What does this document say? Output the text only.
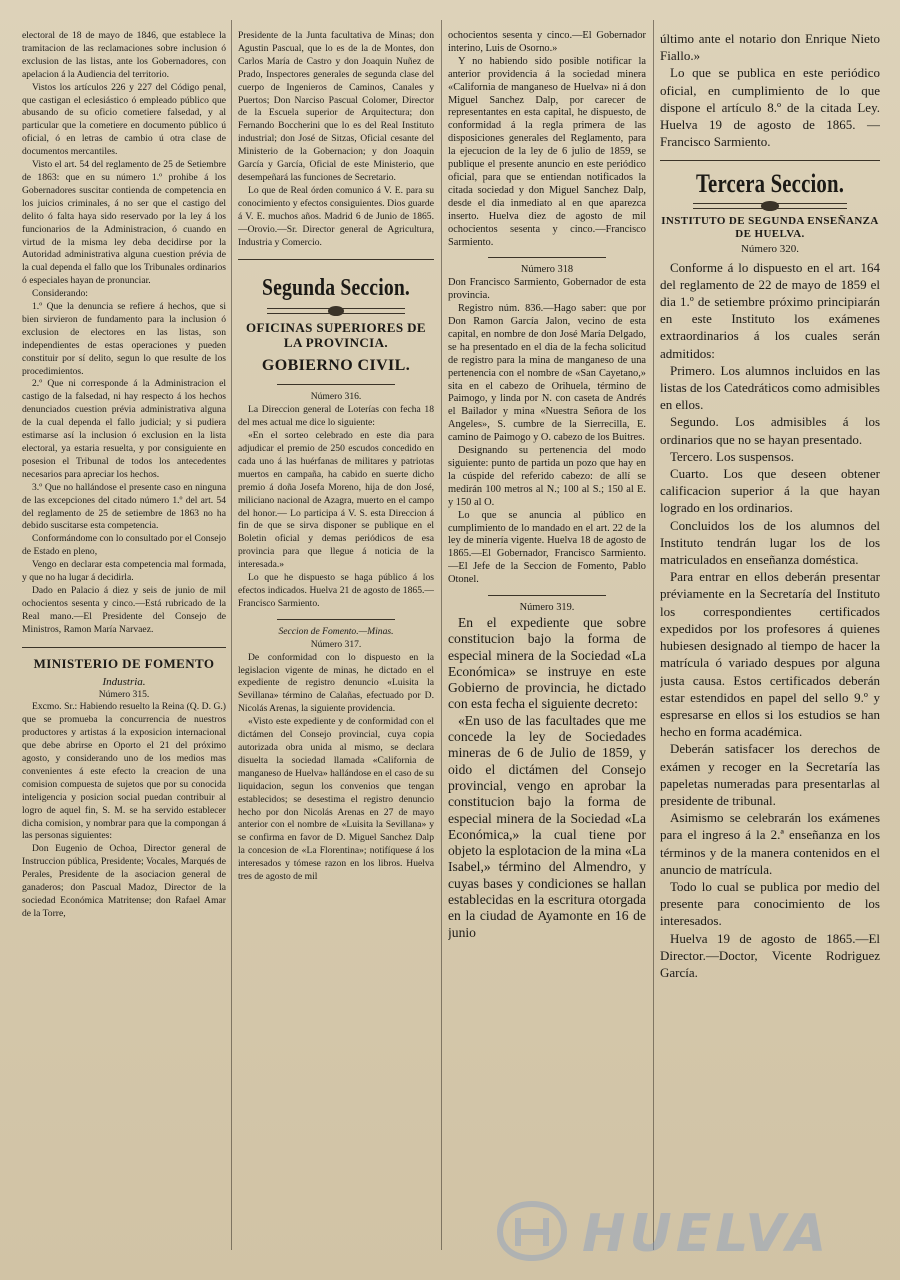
electoral de 18 de mayo de 1846, que establece la tramitacion de las reclamaciones sobre inclusion ó exclusion de las listas, ante los Gobernadores, con apelacion á la Audiencia del territorio.

Vistos los artículos 226 y 227 del Código penal, que castigan el eclesiástico ó empleado público que abusando de su oficio cometiere falsedad, y al particular que la cometiere en documento público ú oficial, ó en letras de cambio ú otra clase de documentos mercantiles.

Visto el art. 54 del reglamento de 25 de Setiembre de 1863: que en su número 1.º prohibe á los Gobernadores suscitar contienda de competencia en los juicios criminales, á no ser que el castigo del delito ó falta haya sido reservado por la ley á los funcionarios de la Administracion, ó cuando en virtud de la misma ley deba decidirse por la Autoridad administrativa alguna cuestion prévia de la cual dependa el fallo que los Tribunales ordinarios ó especiales hayan de pronunciar.

Considerando:

1.º Que la denuncia se refiere á hechos, que si bien sirvieron de fundamento para la inclusion ó exclusion de electores en las listas, son independientes de estas operaciones y pueden constituir por sí delito, segun lo que resulte de los procedimientos.

2.º Que ni corresponde á la Administracion el castigo de la falsedad, ni hay respecto á los hechos denunciados cuestion prévia administrativa alguna de la cual dependa el fallo judicial; y si pudiera estimarse así la inclusion ó exclusion en la lista electoral, ya estaria resuelta, y por consiguiente en posesion el Tribunal de todos los antecedentes necesarios para apreciar los hechos.

3.º Que no hallándose el presente caso en ninguna de las excepciones del citado número 1.º del art. 54 del reglamento de 25 de setiembre de 1863 no ha debido suscitarse esta competencia.

Conformándome con lo consultado por el Consejo de Estado en pleno,

Vengo en declarar esta competencia mal formada, y que no ha lugar á decidirla.

Dado en Palacio á diez y seis de junio de mil ochocientos sesenta y cinco.—Está rubricado de la Real mano.—El Presidente del Consejo de Ministros, Ramon María Narvaez.

MINISTERIO DE FOMENTO
Industria.
Número 315.

Excmo. Sr.: Habiendo resuelto la Reina (Q. D. G.) que se promueba la concurrencia de nuestros productores y artistas á la exposicion internacional que debe abrirse en Oporto el 21 del próximo agosto, y considerando uno de los medios mas convenientes á este efecto la creacion de una comision compuesta de sujetos que por su conocida inteligencia y posicion social puedan contribuir al logro de aquel fin, S. M. se ha servido establecer dicha comision, y nombrar para que la compongan á las personas siguientes:

Don Eugenio de Ochoa, Director general de Instruccion pública, Presidente; Vocales, Marqués de Perales, Presidente de la asociacion general de ganaderos; don Pascual Madoz, Director de la sociedad Económica Matritense; don Rafael Amar de la Torre,

Presidente de la Junta facultativa de Minas; don Agustin Pascual, que lo es de la de Montes, don Carlos María de Castro y don Joaquin Nuñez de Prado, Inspectores generales de segunda clase del cuerpo de Ingenieros de Caminos, Canales y Puertos; Don Narciso Pascual Colomer, Director de la Escuela superior de Arquitectura; don Fernando Boccherini que lo es del Real Instituto industrial; don José de Sitzas, Oficial cesante del Ministerio de la Gobernacion; y don Joaquin García y García, Oficial de este Ministerio, que desempeñará las funciones de Secretario.

Lo que de Real órden comunico á V. E. para su conocimiento y efectos consiguientes. Dios guarde á V. E. muchos años. Madrid 6 de Junio de 1865.—Orovio.—Sr. Director general de Agricultura, Industria y Comercio.

Segunda Seccion.
OFICINAS SUPERIORES DE LA PROVINCIA.
GOBIERNO CIVIL.
Número 316.

La Direccion general de Loterías con fecha 18 del mes actual me dice lo siguiente:

«En el sorteo celebrado en este dia para adjudicar el premio de 250 escudos concedido en cada uno á las huérfanas de militares y patriotas muertos en campaña, ha cabido en suerte dicho premio á doña Josefa Moreno, hija de don José, miliciano nacional de Azagra, muerto en el campo del honor.— Lo participa á V. S. esta Direccion á fin de que se sirva disponer se publique en el Boletin oficial y demas periódicos de esa provincia para que llegue á noticia de la interesada.»

Lo que he dispuesto se haga público á los efectos indicados. Huelva 21 de agosto de 1865.—Francisco Sarmiento.

Seccion de Fomento.—Minas.
Número 317.

De conformidad con lo dispuesto en la legislacion vigente de minas, he dictado en el expediente de registro denuncio «Luisita la Sevillana» término de Calañas, efectuado por D. Nicolás Arenas, la siguiente providencia.

«Visto este expediente y de conformidad con el dictámen del Consejo provincial, cuya copia autorizada obra unida al mismo, se declara disuelta la sociedad llamada «California de manganeso de Huelva» hallándose en el caso de su liquidacion, segun los convenios que tengan establecidos; se desestima el registro denuncio hecho por don Nicolás Arenas en 27 de mayo anterior con el nombre de «Luisita la Sevillana» y se confirma en favor de D. Miguel Sanchez Dalp la concesion de «La Florentina»; notifíquese á los interesados y tómese razon en los libros. Huelva tres de agosto de mil

ochocientos sesenta y cinco.—El Gobernador interino, Luis de Osorno.»

Y no habiendo sido posible notificar la anterior providencia á la sociedad minera «California de manganeso de Huelva» ni á don Miguel Sanchez Dalp, por carecer de representantes en esta capital, he dispuesto, de conformidad á la regla primera de las disposiciones generales del Reglamento, para la ejecucion de la ley de 6 julio de 1859, se publique el presente anuncio en este periódico oficial, para que se entiendan notificados la citada sociedad y don Miguel Sanchez Dalp, desde el dia inmediato al en que aparezca inserto. Huelva diez de agosto de mil ochocientos sesenta y cinco.—Francisco Sarmiento.

Número 318

Don Francisco Sarmiento, Gobernador de esta provincia.

Registro núm. 836.—Hago saber: que por Don Ramon García Jalon, vecino de esta capital, en nombre de don José María Delgado, se ha presentado en el dia de la fecha solicitud de registro para la mina de manganeso de una pertenencia con el nombre de «San Cayetano,» sita en el cabezo de Orihuela, término de Paimogo, y linda por N. con caseta de Andrés el Bailador y mina «Nuestra Señora de los Angeles», S. cumbre de la Sierrecilla, E. camino de Paimogo y O. cabezo de los Buitres.

Designando su pertenencia del modo siguiente: punto de partida un pozo que hay en la cúspide del referido cabezo: de allí se medirán 100 metros al N.; 100 al S.; 150 al E. y 150 al O.

Lo que se anuncia al público en cumplimiento de lo mandado en el art. 22 de la ley de minería vigente. Huelva 18 de agosto de 1865.—El Gobernador, Francisco Sarmiento.—El Jefe de la Seccion de Fomento, Pablo Otonel.

Número 319.

En el expediente que sobre constitucion bajo la forma de especial minera de la Sociedad «La Económica» se instruye en este Gobierno de provincia, he dictado con esta fecha el siguiente decreto:

«En uso de las facultades que me concede la ley de Sociedades mineras de 6 de Julio de 1859, y oido el dictámen del Consejo provincial, vengo en aprobar la constitucion bajo la forma de especial minera de la Sociedad «La Económica,» la cual tiene por objeto la esplotacion de la mina «La Isabel,» término del Almendro, y cuyas bases y condiciones se hallan establecidas en la escritura otorgada en la ciudad de Ayamonte en 16 de junio

último ante el notario don Enrique Nieto Fiallo.»

Lo que se publica en este periódico oficial, en cumplimiento de lo que dispone el artículo 8.º de la citada Ley. Huelva 19 de agosto de 1865. —Francisco Sarmiento.

Tercera Seccion.
INSTITUTO DE SEGUNDA ENSEÑANZA DE HUELVA.
Número 320.

Conforme á lo dispuesto en el art. 164 del reglamento de 22 de mayo de 1859 el dia 1.º de setiembre próximo principiarán en este Instituto los exámenes extraordinarios á los cuales serán admitidos:

Primero. Los alumnos incluidos en las listas de los Catedráticos como admisibles en ellos.

Segundo. Los admisibles á los ordinarios que no se hayan presentado.

Tercero. Los suspensos.

Cuarto. Los que deseen obtener calificacion superior á la que hayan logrado en los ordinarios.

Concluidos los de los alumnos del Instituto tendrán lugar los de los matriculados en enseñanza doméstica.

Para entrar en ellos deberán presentar préviamente en la Secretaría del Instituto los correspondientes certificados expedidos por los profesores á quienes hubiesen designado al tiempo de hacer la matrícula ó variado despues por alguna justa causa. Estos certificados deberán estar estendidos en papel del sello 9.º y espresarse en ellos si los estudios se han hecho en forma académica.

Deberán satisfacer los derechos de exámen y recoger en la Secretaría las papeletas numeradas para presentarlas al presidente de tribunal.

Asimismo se celebrarán los exámenes para el ingreso á la 2.ª enseñanza en los términos y de la manera contenidos en el anuncio de matrícula.

Todo lo cual se publica por medio del presente para conocimiento de los interesados.

Huelva 19 de agosto de 1865.—El Director.—Doctor, Vicente Rodriguez García.

HUELVA
